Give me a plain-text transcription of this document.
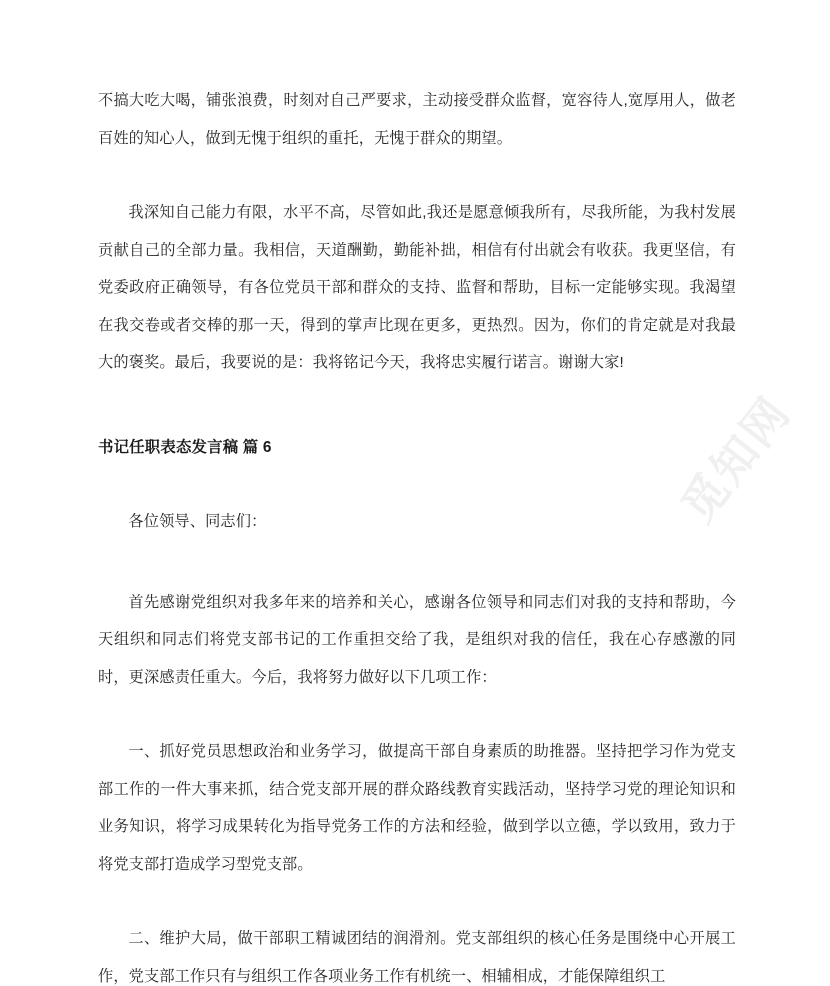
觅知网

不搞大吃大喝，铺张浪费，时刻对自己严要求，主动接受群众监督，宽容待人,宽厚用人，做老百姓的知心人，做到无愧于组织的重托，无愧于群众的期望。

我深知自己能力有限，水平不高，尽管如此,我还是愿意倾我所有，尽我所能，为我村发展贡献自己的全部力量。我相信，天道酬勤，勤能补拙，相信有付出就会有收获。我更坚信，有党委政府正确领导，有各位党员干部和群众的支持、监督和帮助，目标一定能够实现。我渴望在我交卷或者交棒的那一天，得到的掌声比现在更多，更热烈。因为，你们的肯定就是对我最大的褒奖。最后，我要说的是：我将铭记今天，我将忠实履行诺言。谢谢大家!

书记任职表态发言稿 篇 6

各位领导、同志们：

首先感谢党组织对我多年来的培养和关心，感谢各位领导和同志们对我的支持和帮助，今天组织和同志们将党支部书记的工作重担交给了我，是组织对我的信任，我在心存感激的同时，更深感责任重大。今后，我将努力做好以下几项工作：

一、抓好党员思想政治和业务学习，做提高干部自身素质的助推器。坚持把学习作为党支部工作的一件大事来抓，结合党支部开展的群众路线教育实践活动，坚持学习党的理论知识和业务知识，将学习成果转化为指导党务工作的方法和经验，做到学以立德，学以致用，致力于将党支部打造成学习型党支部。

二、维护大局，做干部职工精诚团结的润滑剂。党支部组织的核心任务是围绕中心开展工作，党支部工作只有与组织工作各项业务工作有机统一、相辅相成，才能保障组织工
